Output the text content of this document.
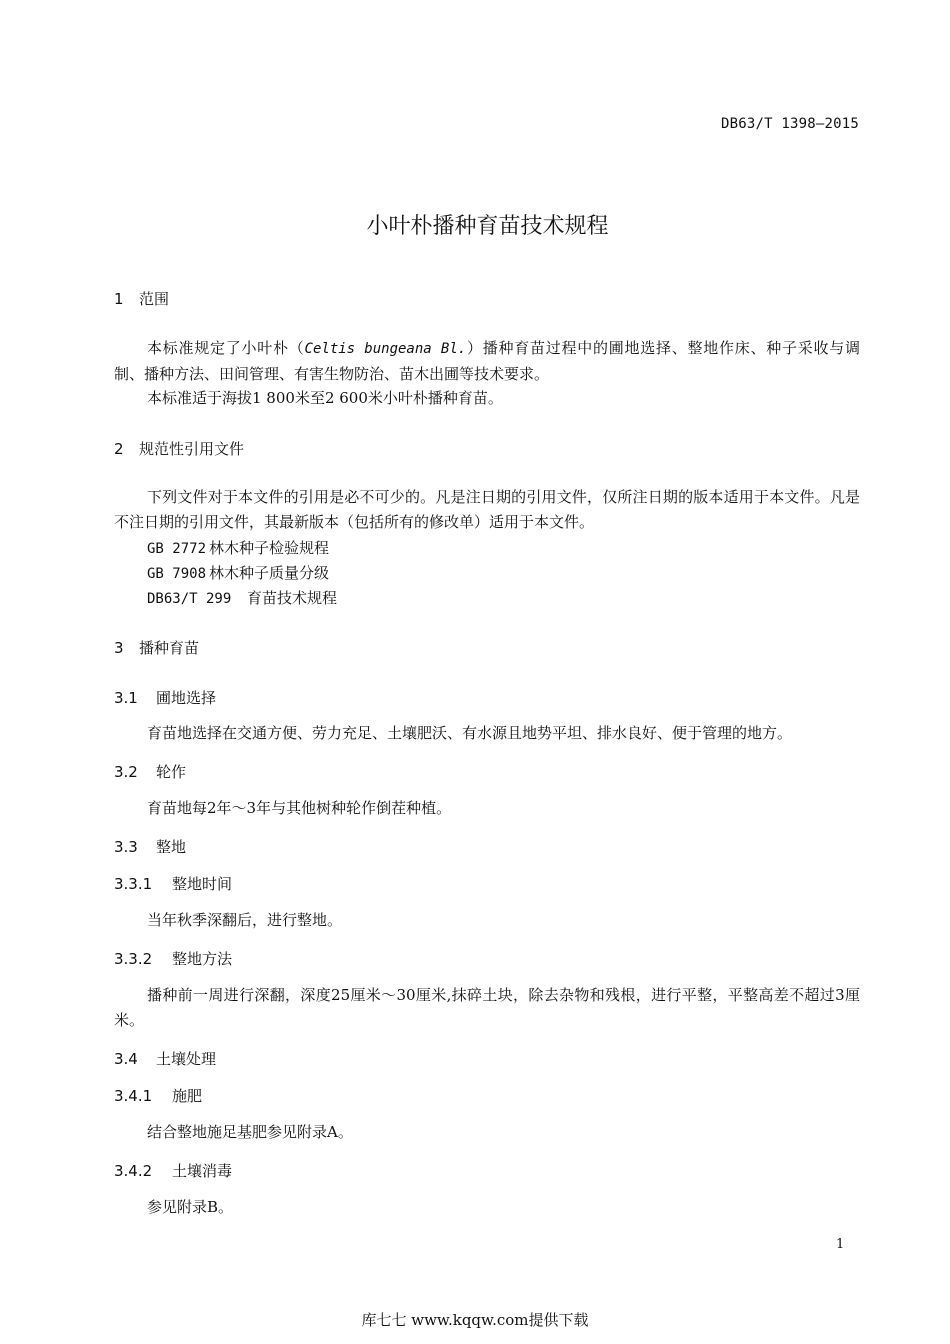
DB63/T 1398—2015
小叶朴播种育苗技术规程
1 范围
本标准规定了小叶朴（Celtis bungeana Bl.）播种育苗过程中的圃地选择、整地作床、种子采收与调制、播种方法、田间管理、有害生物防治、苗木出圃等技术要求。
本标准适于海拔1 800米至2 600米小叶朴播种育苗。
2 规范性引用文件
下列文件对于本文件的引用是必不可少的。凡是注日期的引用文件，仅所注日期的版本适用于本文件。凡是不注日期的引用文件，其最新版本（包括所有的修改单）适用于本文件。
GB 2772 林木种子检验规程
GB 7908 林木种子质量分级
DB63/T 299 育苗技术规程
3 播种育苗
3.1 圃地选择
育苗地选择在交通方便、劳力充足、土壤肥沃、有水源且地势平坦、排水良好、便于管理的地方。
3.2 轮作
育苗地每2年～3年与其他树种轮作倒茬种植。
3.3 整地
3.3.1 整地时间
当年秋季深翻后，进行整地。
3.3.2 整地方法
播种前一周进行深翻，深度25厘米～30厘米,抹碎土块，除去杂物和残根，进行平整，平整高差不超过3厘米。
3.4 土壤处理
3.4.1 施肥
结合整地施足基肥参见附录A。
3.4.2 土壤消毒
参见附录B。
1
库七七 www.kqqw.com提供下载
